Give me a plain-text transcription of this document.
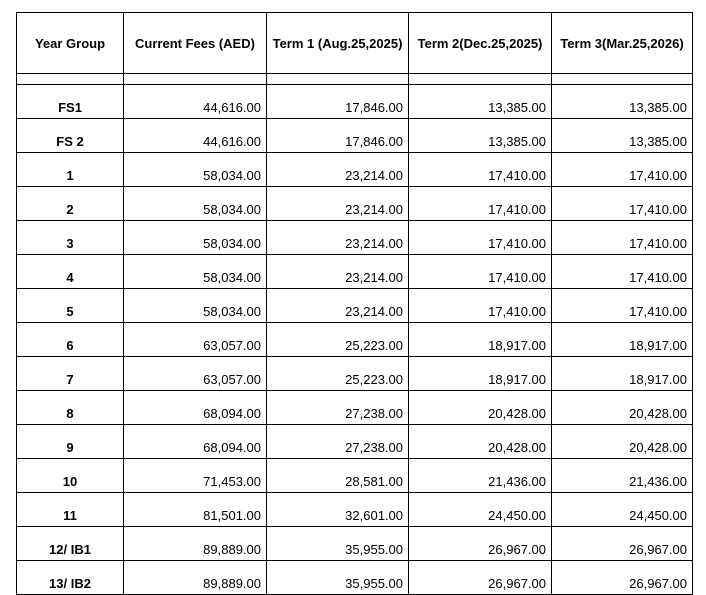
Year Group	Current Fees (AED)	Term 1 (Aug.25,2025)	Term 2(Dec.25,2025)	Term 3(Mar.25,2026)

FS1	44,616.00	17,846.00	13,385.00	13,385.00
FS 2	44,616.00	17,846.00	13,385.00	13,385.00
1	58,034.00	23,214.00	17,410.00	17,410.00
2	58,034.00	23,214.00	17,410.00	17,410.00
3	58,034.00	23,214.00	17,410.00	17,410.00
4	58,034.00	23,214.00	17,410.00	17,410.00
5	58,034.00	23,214.00	17,410.00	17,410.00
6	63,057.00	25,223.00	18,917.00	18,917.00
7	63,057.00	25,223.00	18,917.00	18,917.00
8	68,094.00	27,238.00	20,428.00	20,428.00
9	68,094.00	27,238.00	20,428.00	20,428.00
10	71,453.00	28,581.00	21,436.00	21,436.00
11	81,501.00	32,601.00	24,450.00	24,450.00
12/ IB1	89,889.00	35,955.00	26,967.00	26,967.00
13/ IB2	89,889.00	35,955.00	26,967.00	26,967.00
